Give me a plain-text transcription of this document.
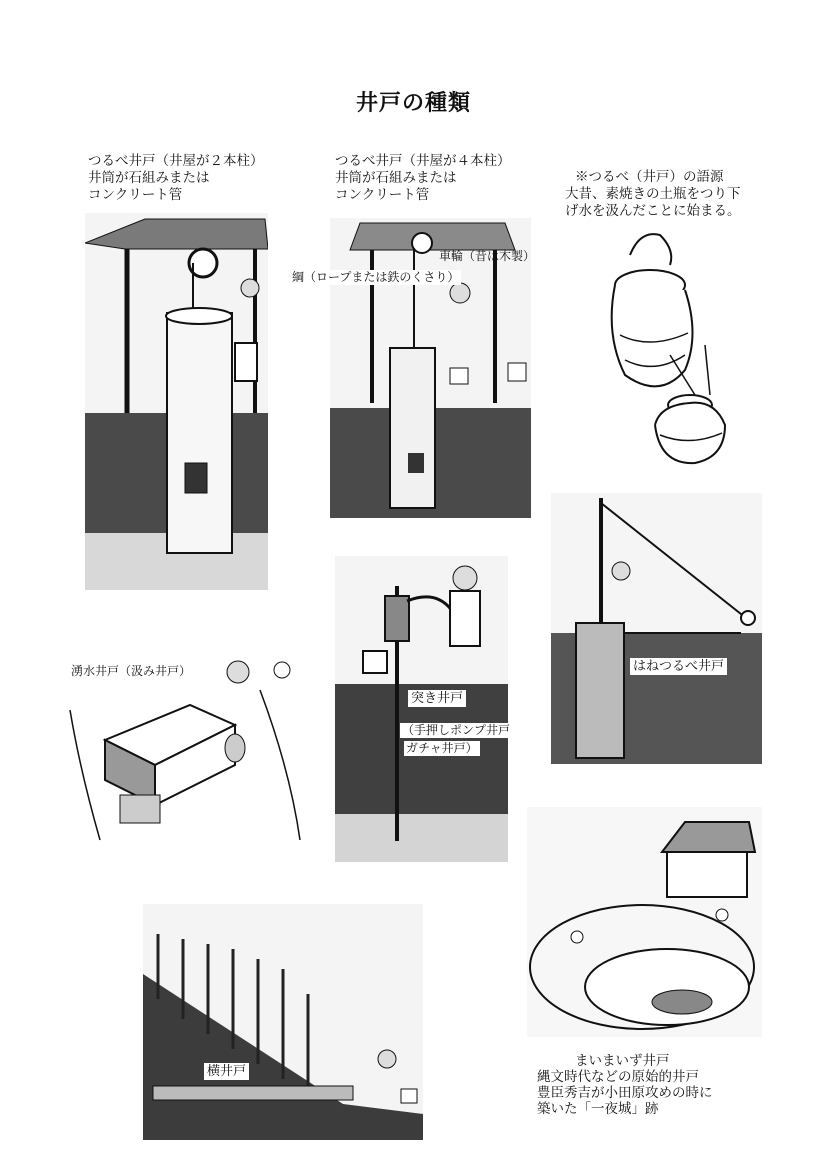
井戸の種類
つるべ井戸（井屋が２本柱）
井筒が石組みまたは
コンクリート管
つるべ井戸（井屋が４本柱）
井筒が石組みまたは
コンクリート管
※つるべ（井戸）の語源
大昔、素焼きの土瓶をつり下
げ水を汲んだことに始まる。
車輪（昔は木製）
綱（ロープまたは鉄のくさり）
はねつるべ井戸
湧水井戸（汲み井戸）
突き井戸
（手押しポンプ井戸
ガチャ井戸）
横井戸
まいまいず井戸
縄文時代などの原始的井戸
豊臣秀吉が小田原攻めの時に
築いた「一夜城」跡
